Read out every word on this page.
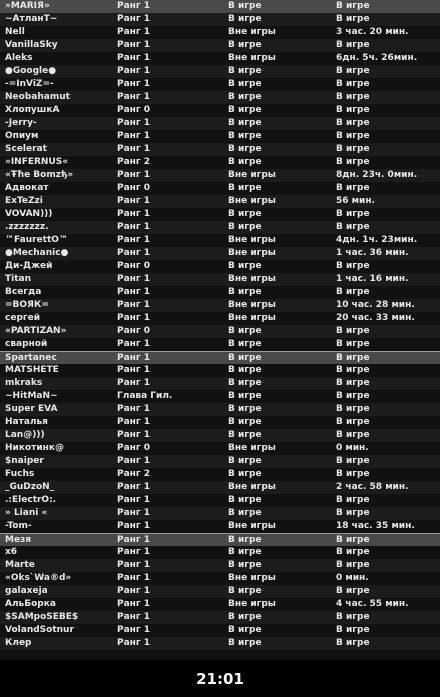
»MARIЯ»	Ранг 1	В игре	В игре
~АтланТ~	Ранг 1	В игре	В игре
Nell	Ранг 1	Вне игры	3 час. 20 мин.
VanillaSky	Ранг 1	В игре	В игре
Aleks	Ранг 1	Вне игры	6дн. 5ч. 26мин.
●Google●	Ранг 1	В игре	В игре
-=InViZ=-	Ранг 1	В игре	В игре
Neobahamut	Ранг 1	В игре	В игре
ХлопушкА	Ранг 0	В игре	В игре
-Jerry-	Ранг 1	В игре	В игре
Опиум	Ранг 1	В игре	В игре
Scelerat	Ранг 1	В игре	В игре
»INFERNUS«	Ранг 2	В игре	В игре
«Ŧħe Bomzђ»	Ранг 1	Вне игры	8дн. 23ч. 0мин.
Адвокат	Ранг 0	В игре	В игре
ExTeZzi	Ранг 1	Вне игры	56 мин.
VOVAN)))	Ранг 1	В игре	В игре
.zzzzzzz.	Ранг 1	В игре	В игре
™FaurettO™	Ранг 1	Вне игры	4дн. 1ч. 23мин.
●Mechanic●	Ранг 1	Вне игры	1 час. 36 мин.
Ди-Джей	Ранг 0	В игре	В игре
Titan	Ранг 1	Вне игры	1 час. 16 мин.
Всегда	Ранг 1	В игре	В игре
=ВОЯК=	Ранг 1	Вне игры	10 час. 28 мин.
сергей	Ранг 1	Вне игры	20 час. 33 мин.
«PARTIZAN»	Ранг 0	В игре	В игре
сварной	Ранг 1	В игре	В игре
Spartanec	Ранг 1	В игре	В игре
MATSHETE	Ранг 1	В игре	В игре
mkraks	Ранг 1	В игре	В игре
~HitMaN~	Глава Гил.	В игре	В игре
Super EVA	Ранг 1	В игре	В игре
Наталья	Ранг 1	В игре	В игре
Lan@)))	Ранг 1	В игре	В игре
Никотинк@	Ранг 0	Вне игры	0 мин.
$naiper	Ранг 1	В игре	В игре
Fuchs	Ранг 2	В игре	В игре
_GuDzoN_	Ранг 1	Вне игры	2 час. 58 мин.
.:ElectrO:.	Ранг 1	В игре	В игре
» Liani «	Ранг 1	В игре	В игре
-Tom-	Ранг 1	Вне игры	18 час. 35 мин.
Мезя	Ранг 1	В игре	В игре
х6	Ранг 1	В игре	В игре
Marte	Ранг 1	В игре	В игре
«Oks`Wa®d»	Ранг 1	Вне игры	0 мин.
galaxeja	Ранг 1	В игре	В игре
АльБорка	Ранг 1	Вне игры	4 час. 55 мин.
$SAMpoSEBE$	Ранг 1	В игре	В игре
VolandSotnur	Ранг 1	В игре	В игре
Клер	Ранг 1	В игре	В игре
21:01
